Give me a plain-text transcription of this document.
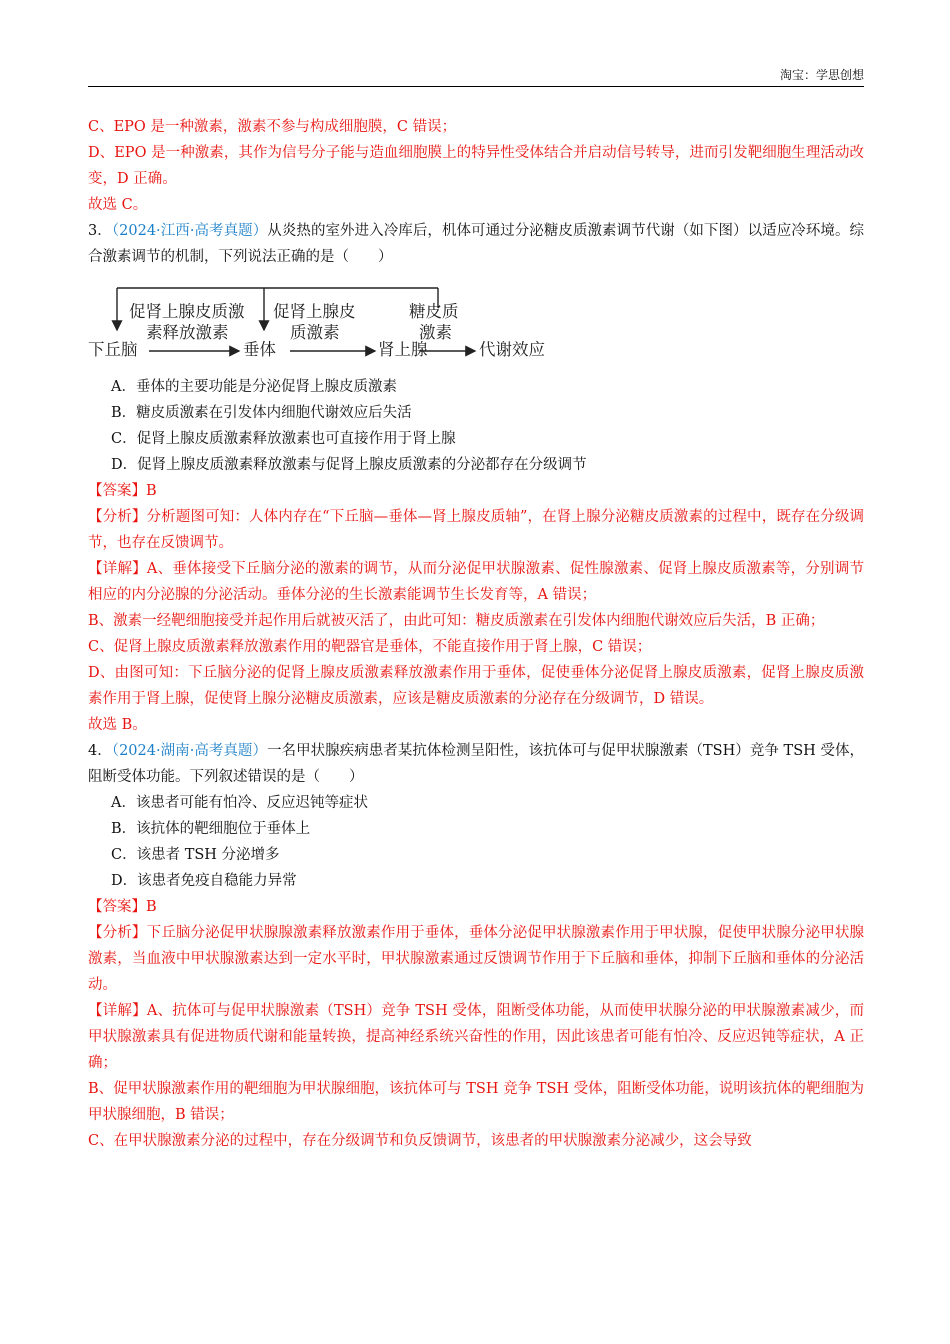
淘宝：学思创想

C、EPO 是一种激素，激素不参与构成细胞膜，C 错误；

D、EPO 是一种激素，其作为信号分子能与造血细胞膜上的特异性受体结合并启动信号转导，进而引发靶细胞生理活动改变，D 正确。

故选 C。

3．（2024·江西·高考真题）从炎热的室外进入冷库后，机体可通过分泌糖皮质激素调节代谢（如下图）以适应冷环境。综合激素调节的机制，下列说法正确的是（　　）

下丘脑	垂体	肾上腺	代谢效应
促肾上腺皮质激
素释放激素
促肾上腺皮
质激素
糖皮质
激素

A．垂体的主要功能是分泌促肾上腺皮质激素

B．糖皮质激素在引发体内细胞代谢效应后失活

C．促肾上腺皮质激素释放激素也可直接作用于肾上腺

D．促肾上腺皮质激素释放激素与促肾上腺皮质激素的分泌都存在分级调节

【答案】B

【分析】分析题图可知：人体内存在“下丘脑—垂体—肾上腺皮质轴”，在肾上腺分泌糖皮质激素的过程中，既存在分级调节，也存在反馈调节。

【详解】A、垂体接受下丘脑分泌的激素的调节，从而分泌促甲状腺激素、促性腺激素、促肾上腺皮质激素等，分别调节相应的内分泌腺的分泌活动。垂体分泌的生长激素能调节生长发育等，A 错误；

B、激素一经靶细胞接受并起作用后就被灭活了，由此可知：糖皮质激素在引发体内细胞代谢效应后失活，B 正确；

C、促肾上腺皮质激素释放激素作用的靶器官是垂体，不能直接作用于肾上腺，C 错误；

D、由图可知：下丘脑分泌的促肾上腺皮质激素释放激素作用于垂体，促使垂体分泌促肾上腺皮质激素，促肾上腺皮质激素作用于肾上腺，促使肾上腺分泌糖皮质激素，应该是糖皮质激素的分泌存在分级调节，D 错误。

故选 B。

4．（2024·湖南·高考真题）一名甲状腺疾病患者某抗体检测呈阳性，该抗体可与促甲状腺激素（TSH）竞争 TSH 受体，阻断受体功能。下列叙述错误的是（　　）

A．该患者可能有怕冷、反应迟钝等症状

B．该抗体的靶细胞位于垂体上

C．该患者 TSH 分泌增多

D．该患者免疫自稳能力异常

【答案】B

【分析】下丘脑分泌促甲状腺腺激素释放激素作用于垂体，垂体分泌促甲状腺激素作用于甲状腺，促使甲状腺分泌甲状腺激素，当血液中甲状腺激素达到一定水平时，甲状腺激素通过反馈调节作用于下丘脑和垂体，抑制下丘脑和垂体的分泌活动。

【详解】A、抗体可与促甲状腺激素（TSH）竞争 TSH 受体，阻断受体功能，从而使甲状腺分泌的甲状腺激素减少，而甲状腺激素具有促进物质代谢和能量转换，提高神经系统兴奋性的作用，因此该患者可能有怕冷、反应迟钝等症状，A 正确；

B、促甲状腺激素作用的靶细胞为甲状腺细胞，该抗体可与 TSH 竞争 TSH 受体，阻断受体功能，说明该抗体的靶细胞为甲状腺细胞，B 错误；

C、在甲状腺激素分泌的过程中，存在分级调节和负反馈调节，该患者的甲状腺激素分泌减少，这会导致
